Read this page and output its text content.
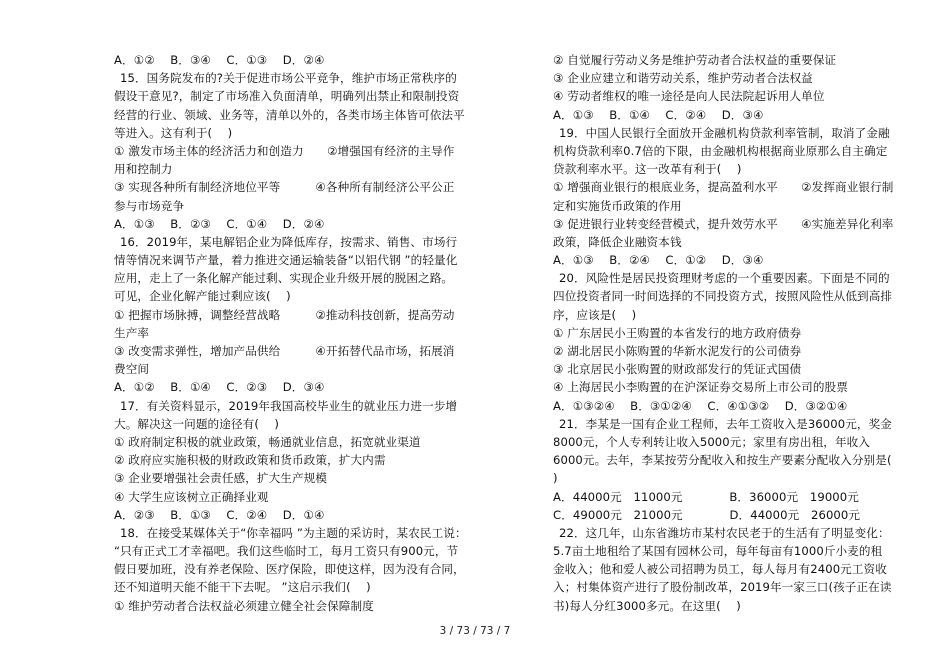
A．①②　 B．③④　 C．①③　 D．②④
15．国务院发布的?关于促进市场公平竞争，维护市场正常秩序的
假设干意见?，制定了市场准入负面清单，明确列出禁止和限制投资
经营的行业、领域、业务等，清单以外的，各类市场主体皆可依法平
等进入。这有利于(　 )
① 激发市场主体的经济活力和创造力　　②增强国有经济的主导作
用和控制力
③ 实现各种所有制经济地位平等　　　④各种所有制经济公平公正
参与市场竞争
A．①③　 B．②③　 C．①④　 D．②④
16．2019年，某电解铝企业为降低库存，按需求、销售、市场行
情等情况来调节产量，着力推进交通运输装备“以铝代钢 ”的轻量化
应用，走上了一条化解产能过剩、实现企业升级开展的脱困之路。
可见，企业化解产能过剩应该(　 )
① 把握市场脉搏，调整经营战略　　　②推动科技创新，提高劳动
生产率
③ 改变需求弹性，增加产品供给　　　④开拓替代品市场，拓展消
费空间
A．①②　 B．①④　 C．②③　 D．③④
17．有关资料显示，2019年我国高校毕业生的就业压力进一步增
大。解决这一问题的途径有(　 )
① 政府制定积极的就业政策，畅通就业信息，拓宽就业渠道
② 政府应实施积极的财政政策和货币政策，扩大内需
③ 企业要增强社会责任感，扩大生产规模
④ 大学生应该树立正确择业观
A．②③　 B．①③　 C．②④　 D．①④
18．在接受某媒体关于“你幸福吗 ”为主题的采访时，某农民工说：
“只有正式工才幸福吧。我们这些临时工，每月工资只有900元，节
假日要加班，没有养老保险、医疗保险，即使这样，因为没有合同，
还不知道明天能不能干下去呢。 ”这启示我们(　 )
① 维护劳动者合法权益必须建立健全社会保障制度
② 自觉履行劳动义务是维护劳动者合法权益的重要保证
③ 企业应建立和谐劳动关系，维护劳动者合法权益
④ 劳动者维权的唯一途径是向人民法院起诉用人单位
A．①③　 B．①④　 C．②④　 D．③④
19．中国人民银行全面放开金融机构贷款利率管制，取消了金融
机构贷款利率0.7倍的下限，由金融机构根据商业原那么自主确定
贷款利率水平。这一改革有利于(　 )
① 增强商业银行的根底业务，提高盈利水平　　②发挥商业银行制
定和实施货币政策的作用
③ 促进银行业转变经营模式，提升效劳水平　　④实施差异化利率
政策，降低企业融资本钱
A．①③　 B．②④　 C．①②　 D．③④
20．风险性是居民投资理财考虑的一个重要因素。下面是不同的
四位投资者同一时间选择的不同投资方式，按照风险性从低到高排
序，应该是(　 )
① 广东居民小王购置的本省发行的地方政府债券
② 湖北居民小陈购置的华新水泥发行的公司债券
③ 北京居民小张购置的财政部发行的凭证式国债
④ 上海居民小李购置的在沪深证券交易所上市公司的股票
A．①③②④　 B．③①②④　 C．④①③②　 D．③②①④
21．李某是一国有企业工程师，去年工资收入是36000元，奖金
8000元，个人专利转让收入5000元；家里有房出租，年收入
6000元。去年，李某按劳分配收入和按生产要素分配收入分别是(
)
A．44000元　11000元　　　　B．36000元　19000元
C．49000元　21000元　　　　D．44000元　26000元
22．这几年，山东省潍坊市某村农民老于的生活有了明显变化：
5.7亩土地租给了某国有园林公司，每年每亩有1000斤小麦的租
金收入；他和爱人被公司招聘为员工，每人每月有2400元工资收
入；村集体资产进行了股份制改革，2019年一家三口(孩子正在读
书)每人分红3000多元。在这里(　 )
3 / 73 / 73 / 7
